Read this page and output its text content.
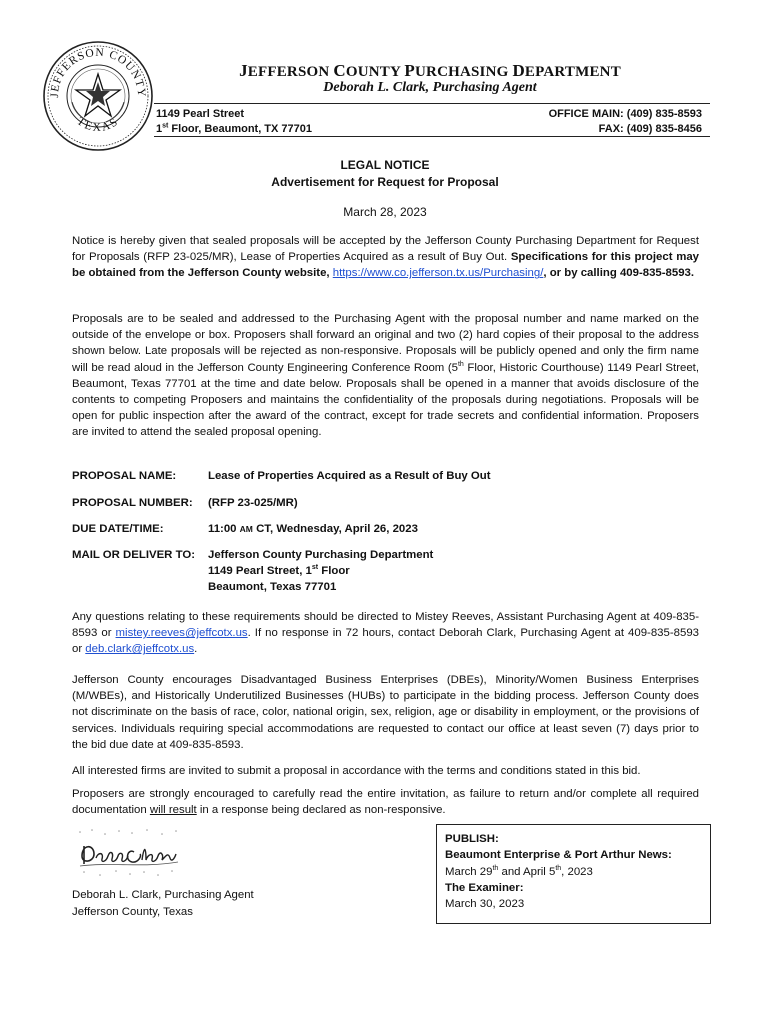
JEFFERSON COUNTY
TEXAS
JEFFERSON COUNTY PURCHASING DEPARTMENT
Deborah L. Clark, Purchasing Agent
1149 Pearl Street
1st Floor, Beaumont, TX 77701
OFFICE MAIN: (409) 835-8593
FAX: (409) 835-8456
LEGAL NOTICE
Advertisement for Request for Proposal
March 28, 2023
Notice is hereby given that sealed proposals will be accepted by the Jefferson County Purchasing Department for Request for Proposals (RFP 23-025/MR), Lease of Properties Acquired as a result of Buy Out. Specifications for this project may be obtained from the Jefferson County website, https://www.co.jefferson.tx.us/Purchasing/, or by calling 409-835-8593.
Proposals are to be sealed and addressed to the Purchasing Agent with the proposal number and name marked on the outside of the envelope or box. Proposers shall forward an original and two (2) hard copies of their proposal to the address shown below. Late proposals will be rejected as non-responsive. Proposals will be publicly opened and only the firm name will be read aloud in the Jefferson County Engineering Conference Room (5th Floor, Historic Courthouse) 1149 Pearl Street, Beaumont, Texas 77701 at the time and date below. Proposals shall be opened in a manner that avoids disclosure of the contents to competing Proposers and maintains the confidentiality of the proposals during negotiations. Proposals will be open for public inspection after the award of the contract, except for trade secrets and confidential information. Proposers are invited to attend the sealed proposal opening.
PROPOSAL NAME:	Lease of Properties Acquired as a Result of Buy Out
PROPOSAL NUMBER: (RFP 23-025/MR)
DUE DATE/TIME:	11:00 AM CT, Wednesday, April 26, 2023
MAIL OR DELIVER TO: Jefferson County Purchasing Department
1149 Pearl Street, 1st Floor
Beaumont, Texas 77701
Any questions relating to these requirements should be directed to Mistey Reeves, Assistant Purchasing Agent at 409-835-8593 or mistey.reeves@jeffcotx.us. If no response in 72 hours, contact Deborah Clark, Purchasing Agent at 409-835-8593 or deb.clark@jeffcotx.us.
Jefferson County encourages Disadvantaged Business Enterprises (DBEs), Minority/Women Business Enterprises (M/WBEs), and Historically Underutilized Businesses (HUBs) to participate in the bidding process. Jefferson County does not discriminate on the basis of race, color, national origin, sex, religion, age or disability in employment, or the provisions of services. Individuals requiring special accommodations are requested to contact our office at least seven (7) days prior to the bid due date at 409-835-8593.
All interested firms are invited to submit a proposal in accordance with the terms and conditions stated in this bid.
Proposers are strongly encouraged to carefully read the entire invitation, as failure to return and/or complete all required documentation will result in a response being declared as non-responsive.
Deborah L. Clark, Purchasing Agent
Jefferson County, Texas
PUBLISH:
Beaumont Enterprise & Port Arthur News:
March 29th and April 5th, 2023
The Examiner:
March 30, 2023
